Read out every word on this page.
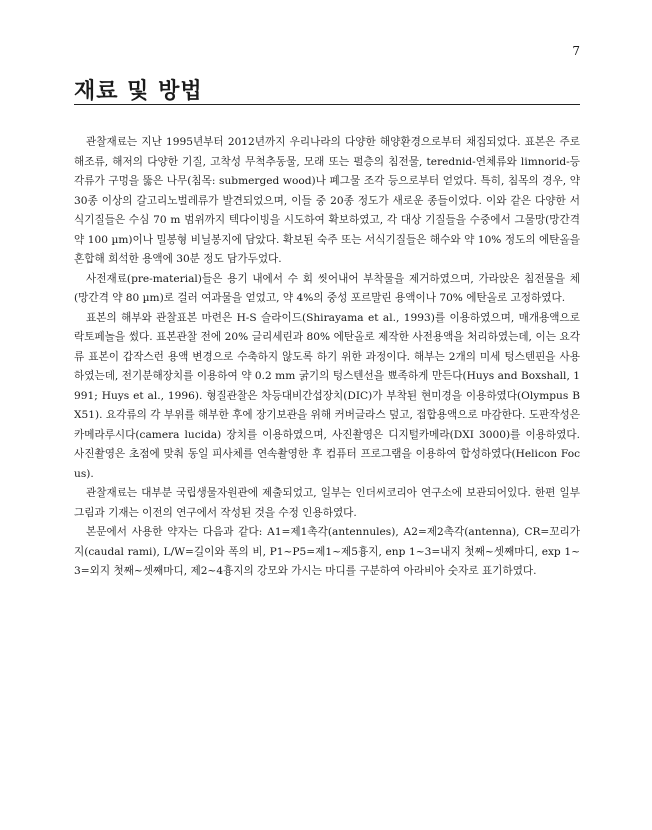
7
재료 및 방법

관찰재료는 지난 1995년부터 2012년까지 우리나라의 다양한 해양환경으로부터 채집되었다. 표본은 주로 해조류, 해저의 다양한 기질, 고착성 무척추동물, 모래 또는 펄층의 침전물, terednid-연체류와 limnorid-등각류가 구멍을 뚫은 나무(침목: submerged wood)나 폐그물 조각 등으로부터 얻었다. 특히, 침목의 경우, 약 30종 이상의 갈고리노벌레류가 발견되었으며, 이들 중 20종 정도가 새로운 종들이었다. 이와 같은 다양한 서식기질들은 수심 70 m 범위까지 텍다이빙을 시도하여 확보하였고, 각 대상 기질들을 수중에서 그물망(망간격 약 100 µm)이나 밀봉형 비닐봉지에 담았다. 확보된 숙주 또는 서식기질들은 해수와 약 10% 정도의 에탄올을 혼합해 희석한 용액에 30분 정도 담가두었다.

사전재료(pre-material)들은 용기 내에서 수 회 씻어내어 부착물을 제거하였으며, 가라앉은 침전물을 체(망간격 약 80 µm)로 걸러 여과물을 얻었고, 약 4%의 중성 포르말린 용액이나 70% 에탄올로 고정하였다.

표본의 해부와 관찰표본 마련은 H-S 슬라이드(Shirayama et al., 1993)를 이용하였으며, 매개용액으로 락토페놀을 썼다. 표본관찰 전에 20% 글리세린과 80% 에탄올로 제작한 사전용액을 처리하였는데, 이는 요각류 표본이 갑작스런 용액 변경으로 수축하지 않도록 하기 위한 과정이다. 해부는 2개의 미세 텅스텐핀을 사용하였는데, 전기분해장치를 이용하여 약 0.2 mm 굵기의 텅스텐선을 뾰족하게 만든다(Huys and Boxshall, 1991; Huys et al., 1996). 형질관찰은 차등대비간섭장치(DIC)가 부착된 현미경을 이용하였다(Olympus BX51). 요각류의 각 부위를 해부한 후에 장기보관을 위해 커버글라스 덮고, 접합용액으로 마감한다. 도판작성은 카메라루시다(camera lucida) 장치를 이용하였으며, 사진촬영은 디지털카메라(DXI 3000)를 이용하였다. 사진촬영은 초점에 맞춰 동일 피사체를 연속촬영한 후 컴퓨터 프로그램을 이용하여 합성하였다(Helicon Focus).

관찰재료는 대부분 국립생물자원관에 제출되었고, 일부는 인더씨코리아 연구소에 보관되어있다. 한편 일부 그림과 기재는 이전의 연구에서 작성된 것을 수정 인용하였다.

본문에서 사용한 약자는 다음과 같다: A1=제1촉각(antennules), A2=제2촉각(antenna), CR=꼬리가지(caudal rami), L/W=길이와 폭의 비, P1~P5=제1~제5흉지, enp 1~3=내지 첫째~셋째마디, exp 1~3=외지 첫째~셋째마디, 제2~4흉지의 강모와 가시는 마디를 구분하여 아라비아 숫자로 표기하였다.
